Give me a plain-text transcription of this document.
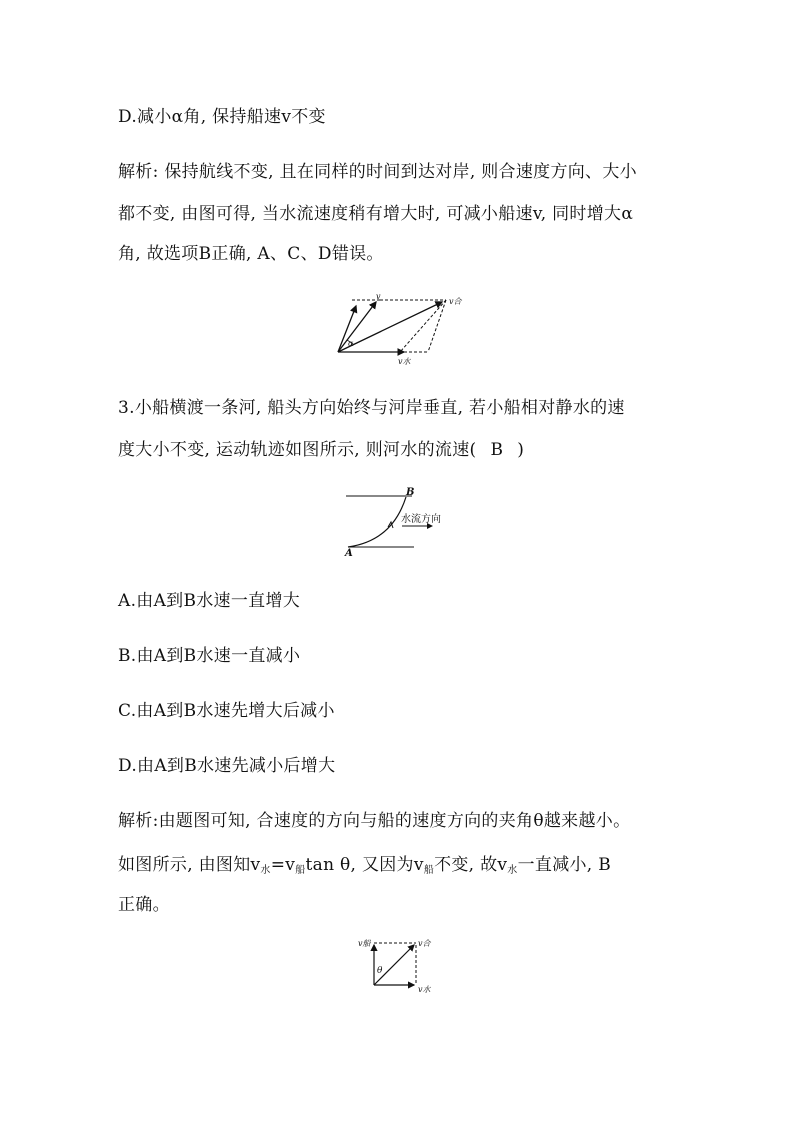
D.减小α角, 保持船速v不变
解析: 保持航线不变, 且在同样的时间到达对岸, 则合速度方向、大小
都不变, 由图可得, 当水流速度稍有增大时, 可减小船速v, 同时增大α
角, 故选项B正确, A、C、D错误。
v
v合
v水
α
3.小船横渡一条河, 船头方向始终与河岸垂直, 若小船相对静水的速
度大小不变, 运动轨迹如图所示, 则河水的流速( B )
B
A
水流方向
A.由A到B水速一直增大
B.由A到B水速一直减小
C.由A到B水速先增大后减小
D.由A到B水速先减小后增大
解析:由题图可知, 合速度的方向与船的速度方向的夹角θ越来越小。
如图所示, 由图知$v_水=v_船\tan$ θ, 又因为$v_船$不变, 故$v_水$一直减小, B
正确。
v船	v合
v水
θ
